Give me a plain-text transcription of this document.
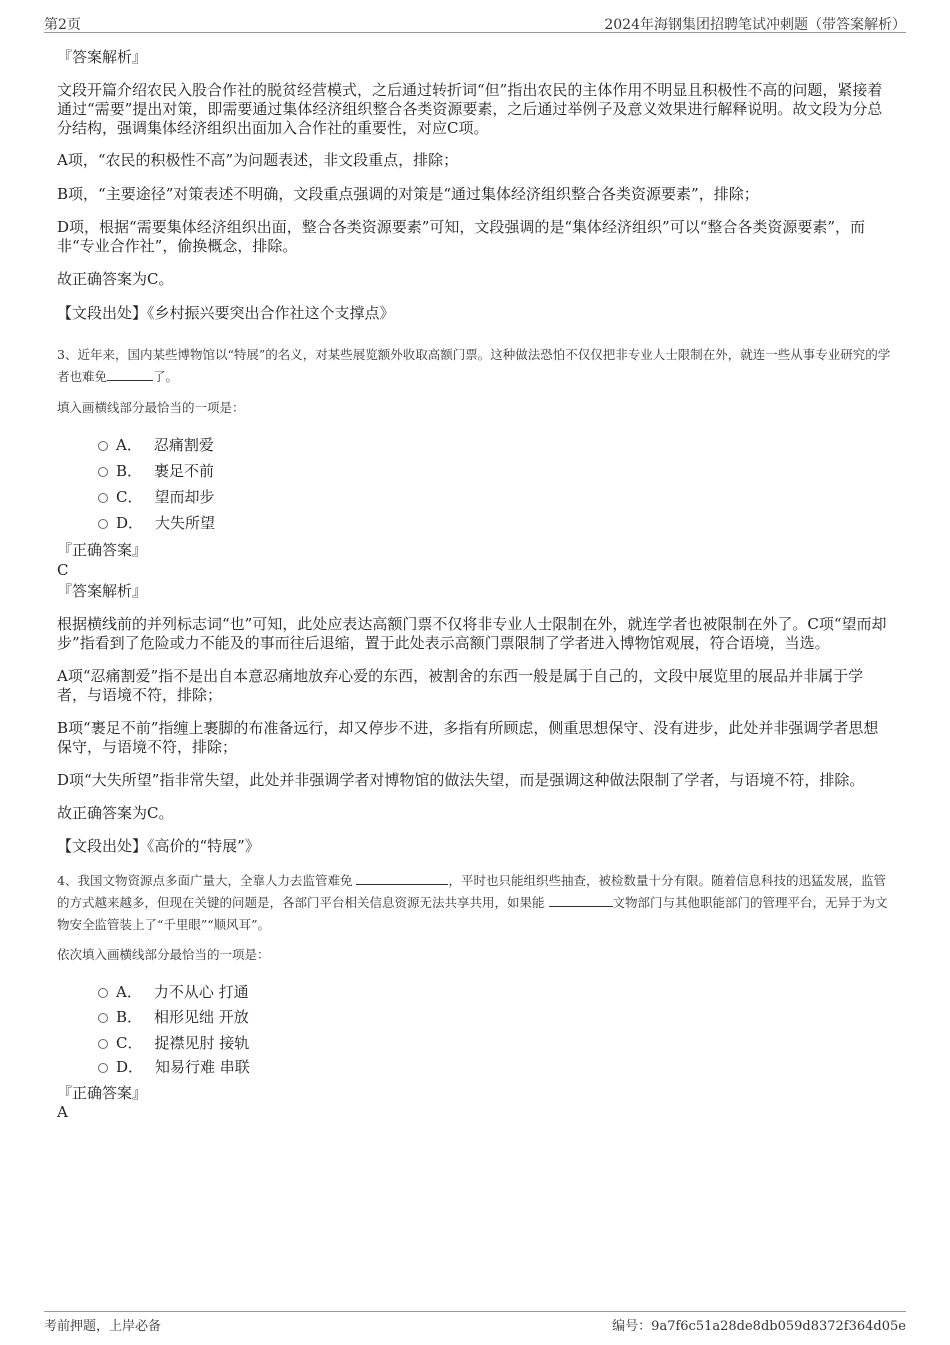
第2页	2024年海钢集团招聘笔试冲刺题（带答案解析）
『答案解析』
文段开篇介绍农民入股合作社的脱贫经营模式，之后通过转折词“但”指出农民的主体作用不明显且积极性不高的问题，紧接着通过“需要”提出对策，即需要通过集体经济组织整合各类资源要素，之后通过举例子及意义效果进行解释说明。故文段为分总分结构，强调集体经济组织出面加入合作社的重要性，对应C项。
A项，“农民的积极性不高”为问题表述，非文段重点，排除；
B项，“主要途径”对策表述不明确，文段重点强调的对策是“通过集体经济组织整合各类资源要素”，排除；
D项，根据“需要集体经济组织出面，整合各类资源要素”可知，文段强调的是“集体经济组织”可以“整合各类资源要素”，而非“专业合作社”，偷换概念，排除。
故正确答案为C。
【文段出处】《乡村振兴要突出合作社这个支撑点》
3、近年来，国内某些博物馆以“特展”的名义，对某些展览额外收取高额门票。这种做法恐怕不仅仅把非专业人士限制在外，就连一些从事专业研究的学者也难免	了。
填入画横线部分最恰当的一项是：
A． 忍痛割爱
B． 裹足不前
C． 望而却步
D． 大失所望
『正确答案』
C
『答案解析』
根据横线前的并列标志词“也”可知，此处应表达高额门票不仅将非专业人士限制在外，就连学者也被限制在外了。C项“望而却步”指看到了危险或力不能及的事而往后退缩，置于此处表示高额门票限制了学者进入博物馆观展，符合语境，当选。
A项“忍痛割爱”指不是出自本意忍痛地放弃心爱的东西，被割舍的东西一般是属于自己的，文段中展览里的展品并非属于学者，与语境不符，排除；
B项“裹足不前”指缠上裹脚的布准备远行，却又停步不进，多指有所顾虑，侧重思想保守、没有进步，此处并非强调学者思想保守，与语境不符，排除；
D项“大失所望”指非常失望，此处并非强调学者对博物馆的做法失望，而是强调这种做法限制了学者，与语境不符，排除。
故正确答案为C。
【文段出处】《高价的“特展”》
4、我国文物资源点多面广量大，全靠人力去监管难免	，平时也只能组织些抽查，被检数量十分有限。随着信息科技的迅猛发展，监管的方式越来越多，但现在关键的问题是，各部门平台相关信息资源无法共享共用，如果能	文物部门与其他职能部门的管理平台，无异于为文物安全监管装上了“千里眼”“顺风耳”。
依次填入画横线部分最恰当的一项是：
A． 力不从心 打通
B． 相形见绌 开放
C． 捉襟见肘 接轨
D． 知易行难 串联
『正确答案』
A
考前押题，上岸必备	编号：9a7f6c51a28de8db059d8372f364d05e
